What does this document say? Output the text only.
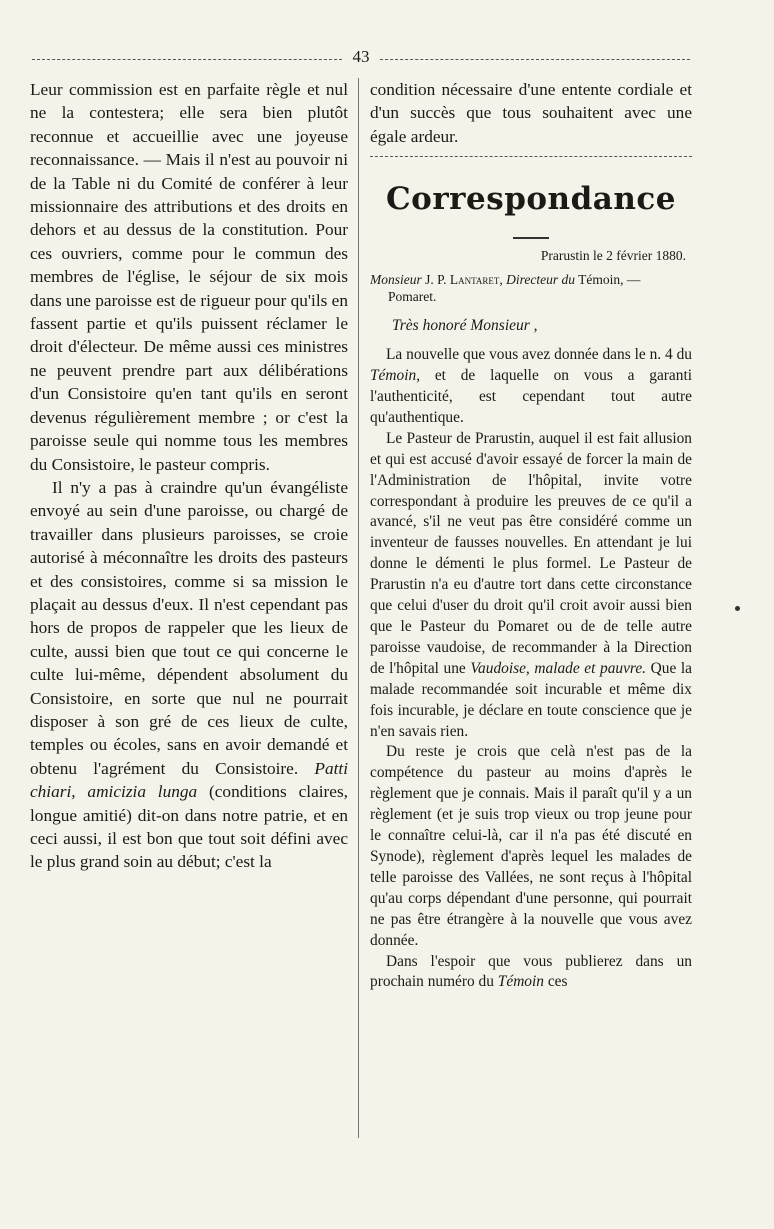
43

Leur commission est en parfaite règle et nul ne la contestera; elle sera bien plutôt reconnue et accueillie avec une joyeuse reconnaissance. — Mais il n'est au pouvoir ni de la Table ni du Comité de conférer à leur missionnaire des attributions et des droits en dehors et au dessus de la constitution. Pour ces ouvriers, comme pour le commun des membres de l'église, le séjour de six mois dans une paroisse est de rigueur pour qu'ils en fassent partie et qu'ils puissent réclamer le droit d'électeur. De même aussi ces ministres ne peuvent prendre part aux délibérations d'un Consistoire qu'en tant qu'ils en seront devenus régulièrement membre ; or c'est la paroisse seule qui nomme tous les membres du Consistoire, le pasteur compris.

Il n'y a pas à craindre qu'un évangéliste envoyé au sein d'une paroisse, ou chargé de travailler dans plusieurs paroisses, se croie autorisé à méconnaître les droits des pasteurs et des consistoires, comme si sa mission le plaçait au dessus d'eux. Il n'est cependant pas hors de propos de rappeler que les lieux de culte, aussi bien que tout ce qui concerne le culte lui-même, dépendent absolument du Consistoire, en sorte que nul ne pourrait disposer à son gré de ces lieux de culte, temples ou écoles, sans en avoir demandé et obtenu l'agrément du Consistoire. Patti chiari, amicizia lunga (conditions claires, longue amitié) dit-on dans notre patrie, et en ceci aussi, il est bon que tout soit défini avec le plus grand soin au début; c'est la

condition nécessaire d'une entente cordiale et d'un succès que tous souhaitent avec une égale ardeur.

Correspondance
Prarustin le 2 février 1880.
Monsieur J. P. Lantaret, Directeur du Témoin, — Pomaret.
Très honoré Monsieur ,

La nouvelle que vous avez donnée dans le n. 4 du Témoin, et de laquelle on vous a garanti l'authenticité, est cependant tout autre qu'authentique.

Le Pasteur de Prarustin, auquel il est fait allusion et qui est accusé d'avoir essayé de forcer la main de l'Administration de l'hôpital, invite votre correspondant à produire les preuves de ce qu'il a avancé, s'il ne veut pas être considéré comme un inventeur de fausses nouvelles. En attendant je lui donne le démenti le plus formel. Le Pasteur de Prarustin n'a eu d'autre tort dans cette circonstance que celui d'user du droit qu'il croit avoir aussi bien que le Pasteur du Pomaret ou de de telle autre paroisse vaudoise, de recommander à la Direction de l'hôpital une Vaudoise, malade et pauvre. Que la malade recommandée soit incurable et même dix fois incurable, je déclare en toute conscience que je n'en savais rien.

Du reste je crois que celà n'est pas de la compétence du pasteur au moins d'après le règlement que je connais. Mais il paraît qu'il y a un règlement (et je suis trop vieux ou trop jeune pour le connaître celui-là, car il n'a pas été discuté en Synode), règlement d'après lequel les malades de telle paroisse des Vallées, ne sont reçus à l'hôpital qu'au corps dépendant d'une personne, qui pourrait ne pas être étrangère à la nouvelle que vous avez donnée.

Dans l'espoir que vous publierez dans un prochain numéro du Témoin ces
